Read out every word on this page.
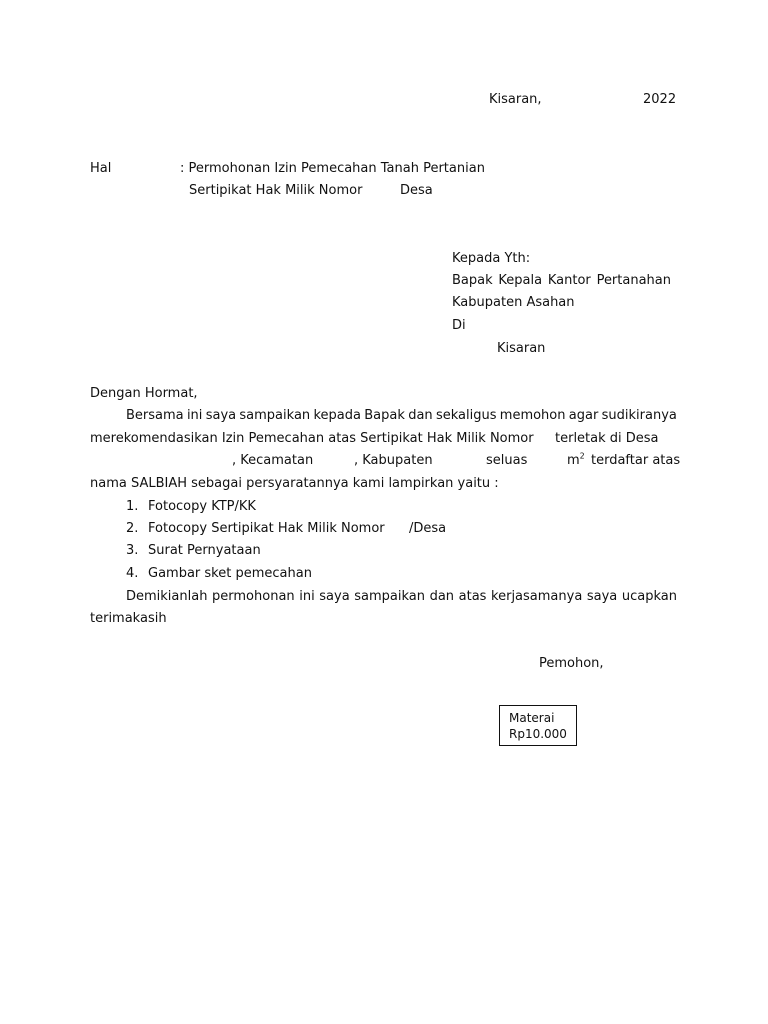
Kisaran,	2022
Hal	: Permohonan Izin Pemecahan Tanah Pertanian
Sertipikat Hak Milik Nomor	Desa
Kepada Yth:
Bapak Kepala Kantor Pertanahan
Kabupaten Asahan
Di
Kisaran
Dengan Hormat,
Bersama ini saya sampaikan kepada Bapak dan sekaligus memohon agar sudikiranya
merekomendasikan Izin Pemecahan atas Sertipikat Hak Milik Nomor terletak di Desa
, Kecamatan	, Kabupaten	seluas	$m^2$ terdaftar atas
nama SALBIAH sebagai persyaratannya kami lampirkan yaitu :
1. Fotocopy KTP/KK
2. Fotocopy Sertipikat Hak Milik Nomor /Desa
3. Surat Pernyataan
4. Gambar sket pemecahan
Demikianlah permohonan ini saya sampaikan dan atas kerjasamanya saya ucapkan
terimakasih
Pemohon,
Materai
Rp10.000
